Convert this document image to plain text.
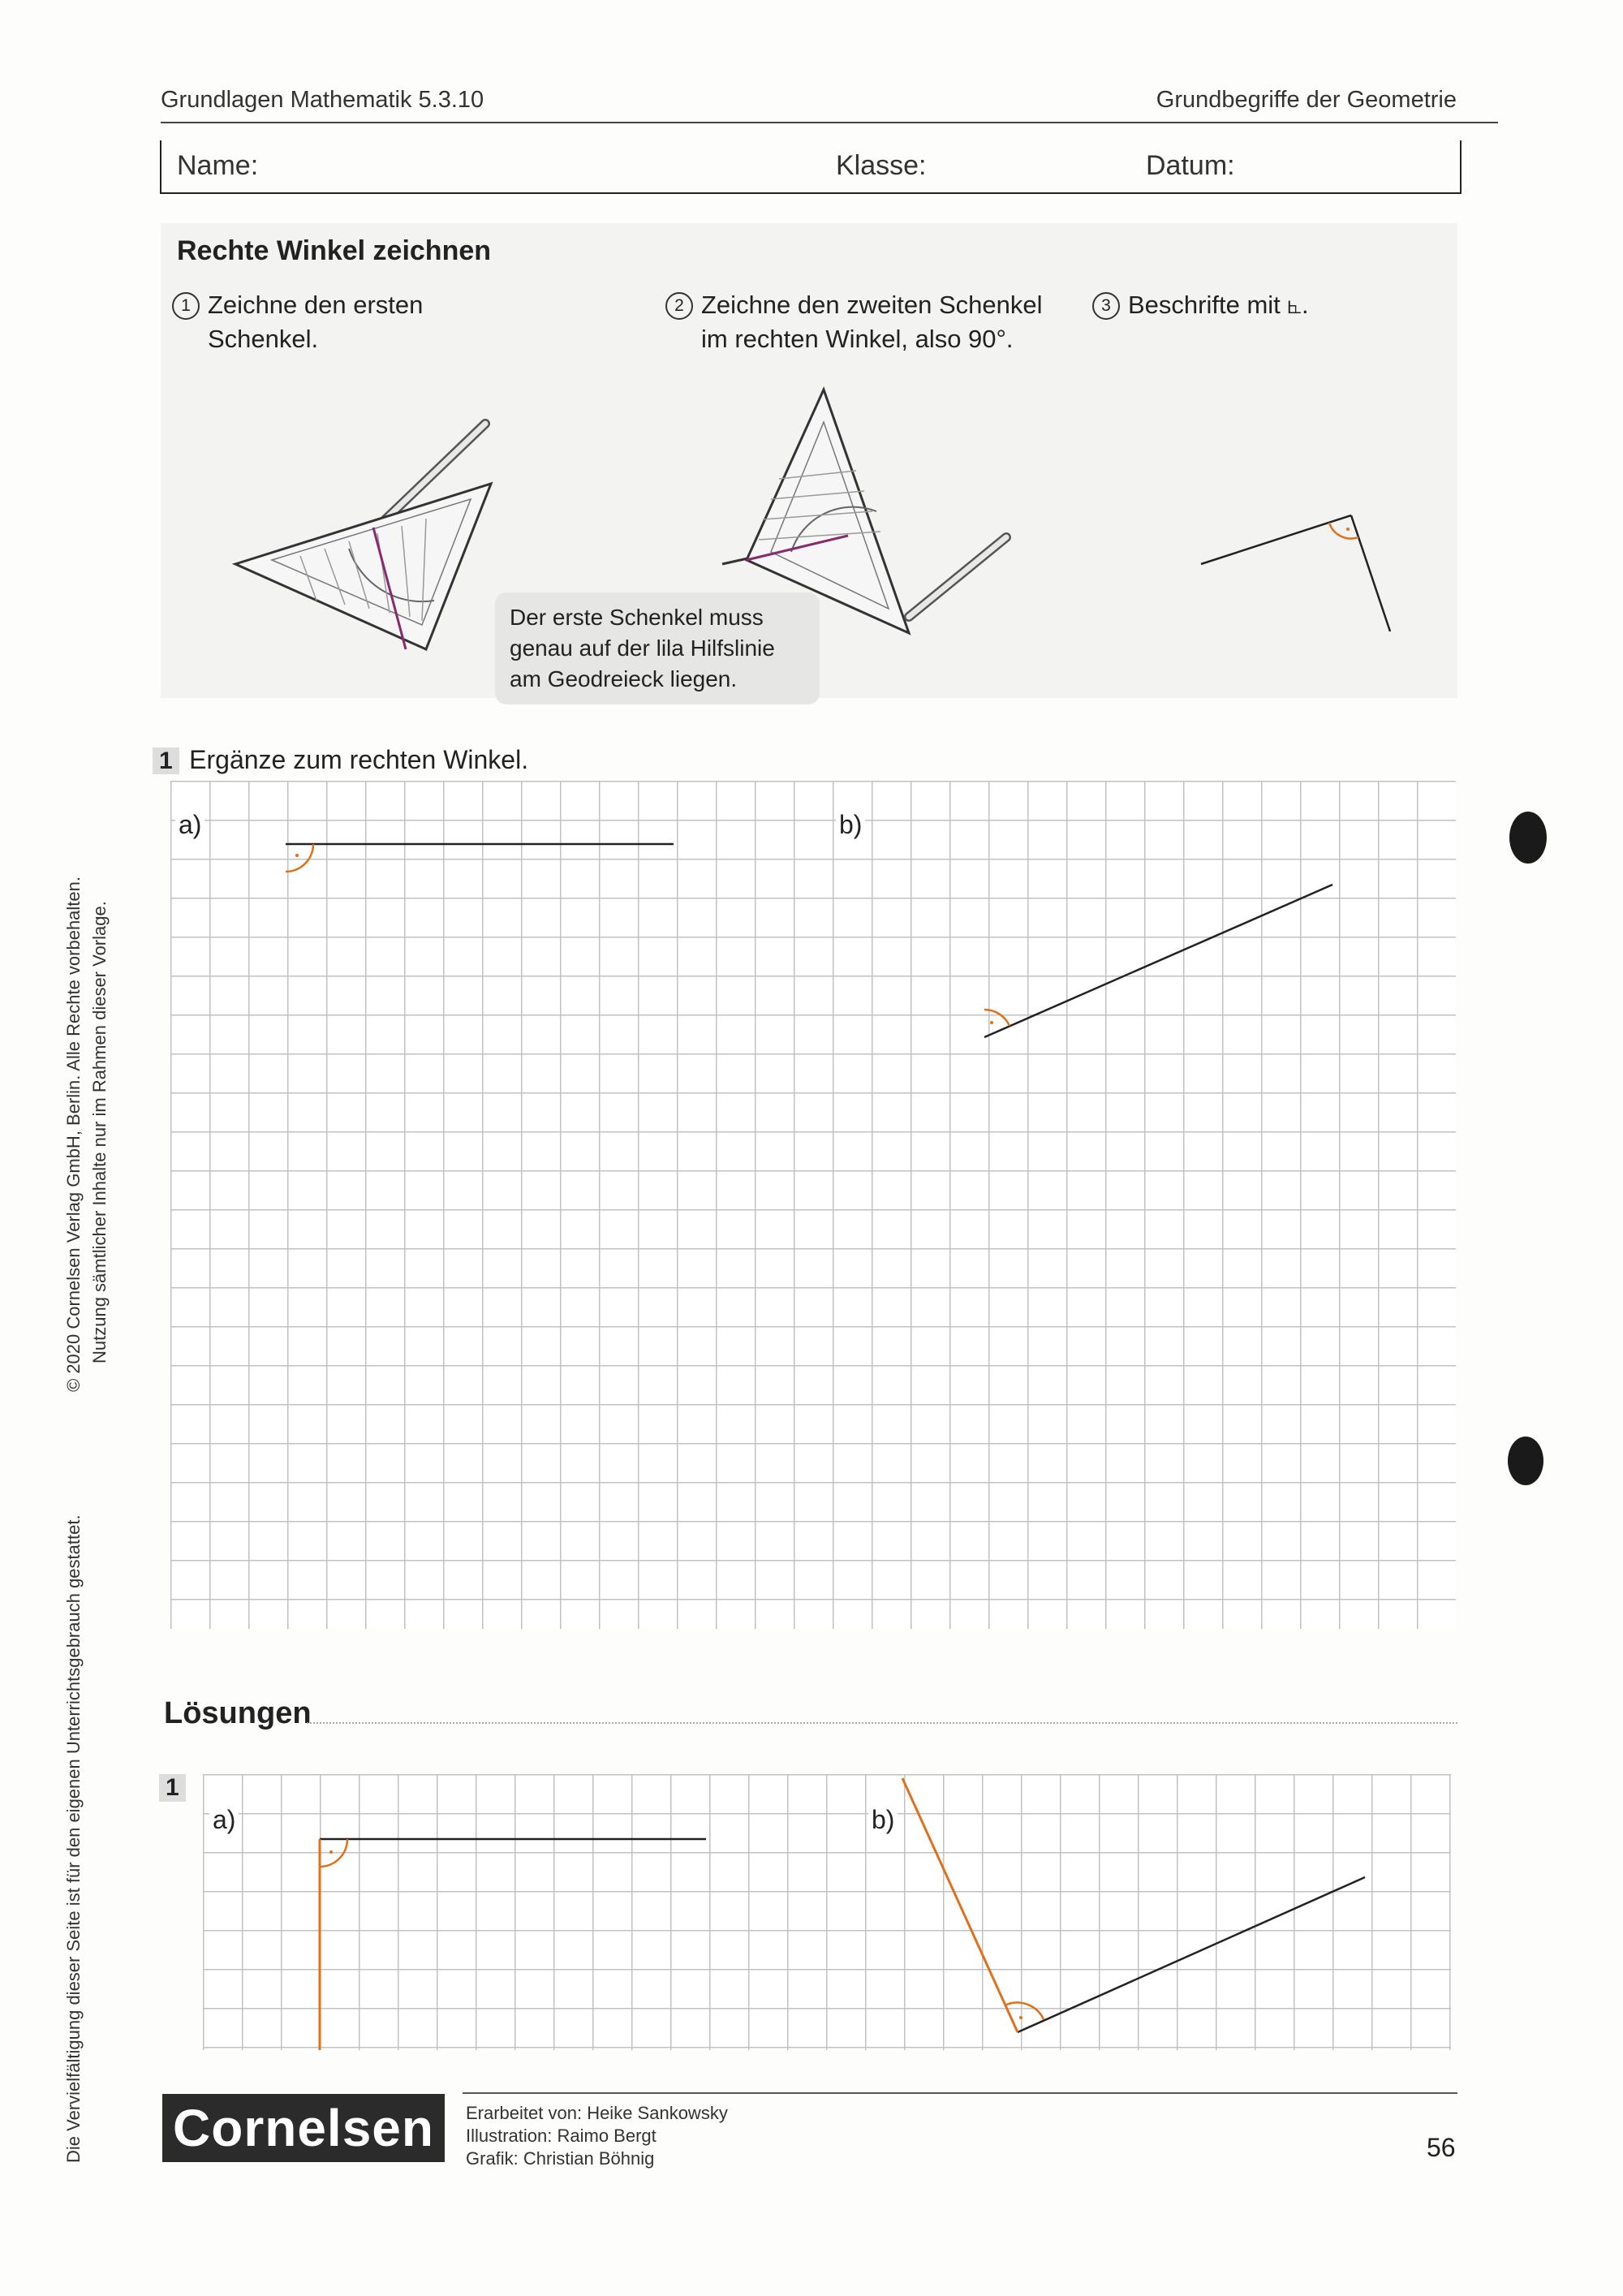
Grundlagen Mathematik 5.3.10	Grundbegriffe der Geometrie
Name:	Klasse:	Datum:
Rechte Winkel zeichnen
1 Zeichne den ersten
Schenkel.
2 Zeichne den zweiten Schenkel
im rechten Winkel, also 90°.
3 Beschrifte mit ⦜.
Der erste Schenkel muss genau auf der lila Hilfslinie am Geodreieck liegen.
1 Ergänze zum rechten Winkel.
a)	b)
Lösungen
1
a)	b)
© 2020 Cornelsen Verlag GmbH, Berlin. Alle Rechte vorbehalten. Nutzung sämtlicher Inhalte nur im Rahmen dieser Vorlage.
Die Vervielfältigung dieser Seite ist für den eigenen Unterrichtsgebrauch gestattet. Cornelsen	Erarbeitet von: Heike Sankowsky
Illustration: Raimo Bergt
Grafik: Christian Böhnig	56
